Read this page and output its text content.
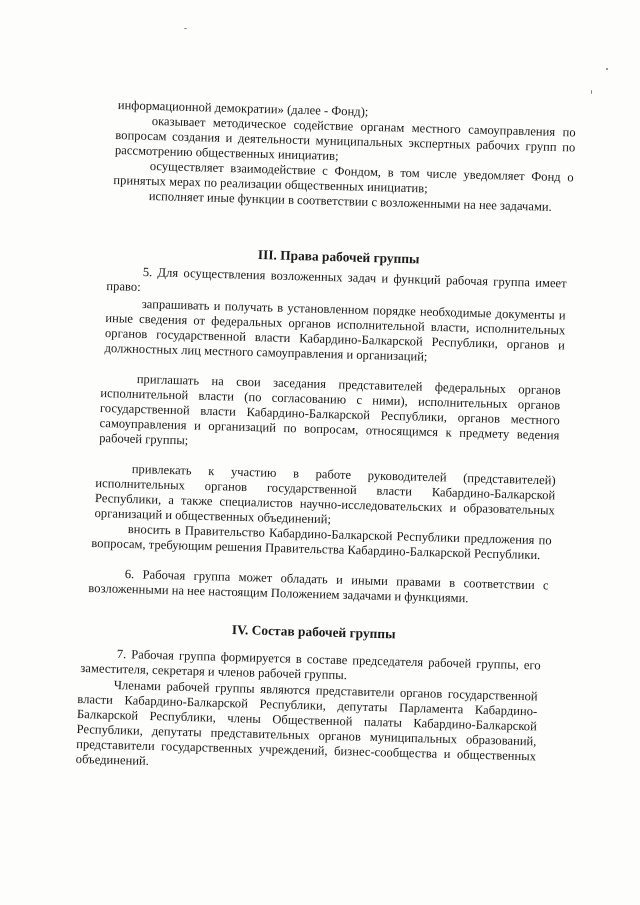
информационной демократии» (далее - Фонд);

оказывает методическое содействие органам местного самоуправления по вопросам создания и деятельности муниципальных экспертных рабочих групп по рассмотрению общественных инициатив;

осуществляет взаимодействие с Фондом, в том числе уведомляет Фонд о принятых мерах по реализации общественных инициатив;

исполняет иные функции в соответствии с возложенными на нее задачами.

III. Права рабочей группы

5. Для осуществления возложенных задач и функций рабочая группа имеет право:

запрашивать и получать в установленном порядке необходимые документы и иные сведения от федеральных органов исполнительной власти, исполнительных органов государственной власти Кабардино-Балкарской Республики, органов и должностных лиц местного самоуправления и организаций;

приглашать на свои заседания представителей федеральных органов исполнительной власти (по согласованию с ними), исполнительных органов государственной власти Кабардино-Балкарской Республики, органов местного самоуправления и организаций по вопросам, относящимся к предмету ведения рабочей группы;

привлекать к участию в работе руководителей (представителей) исполнительных органов государственной власти Кабардино-Балкарской Республики, а также специалистов научно-исследовательских и образовательных организаций и общественных объединений;

вносить в Правительство Кабардино-Балкарской Республики предложения по вопросам, требующим решения Правительства Кабардино-Балкарской Республики.

6. Рабочая группа может обладать и иными правами в соответствии с возложенными на нее настоящим Положением задачами и функциями.

IV. Состав рабочей группы

7. Рабочая группа формируется в составе председателя рабочей группы, его заместителя, секретаря и членов рабочей группы.

Членами рабочей группы являются представители органов государственной власти Кабардино-Балкарской Республики, депутаты Парламента Кабардино-Балкарской Республики, члены Общественной палаты Кабардино-Балкарской Республики, депутаты представительных органов муниципальных образований, представители государственных учреждений, бизнес-сообщества и общественных объединений.
